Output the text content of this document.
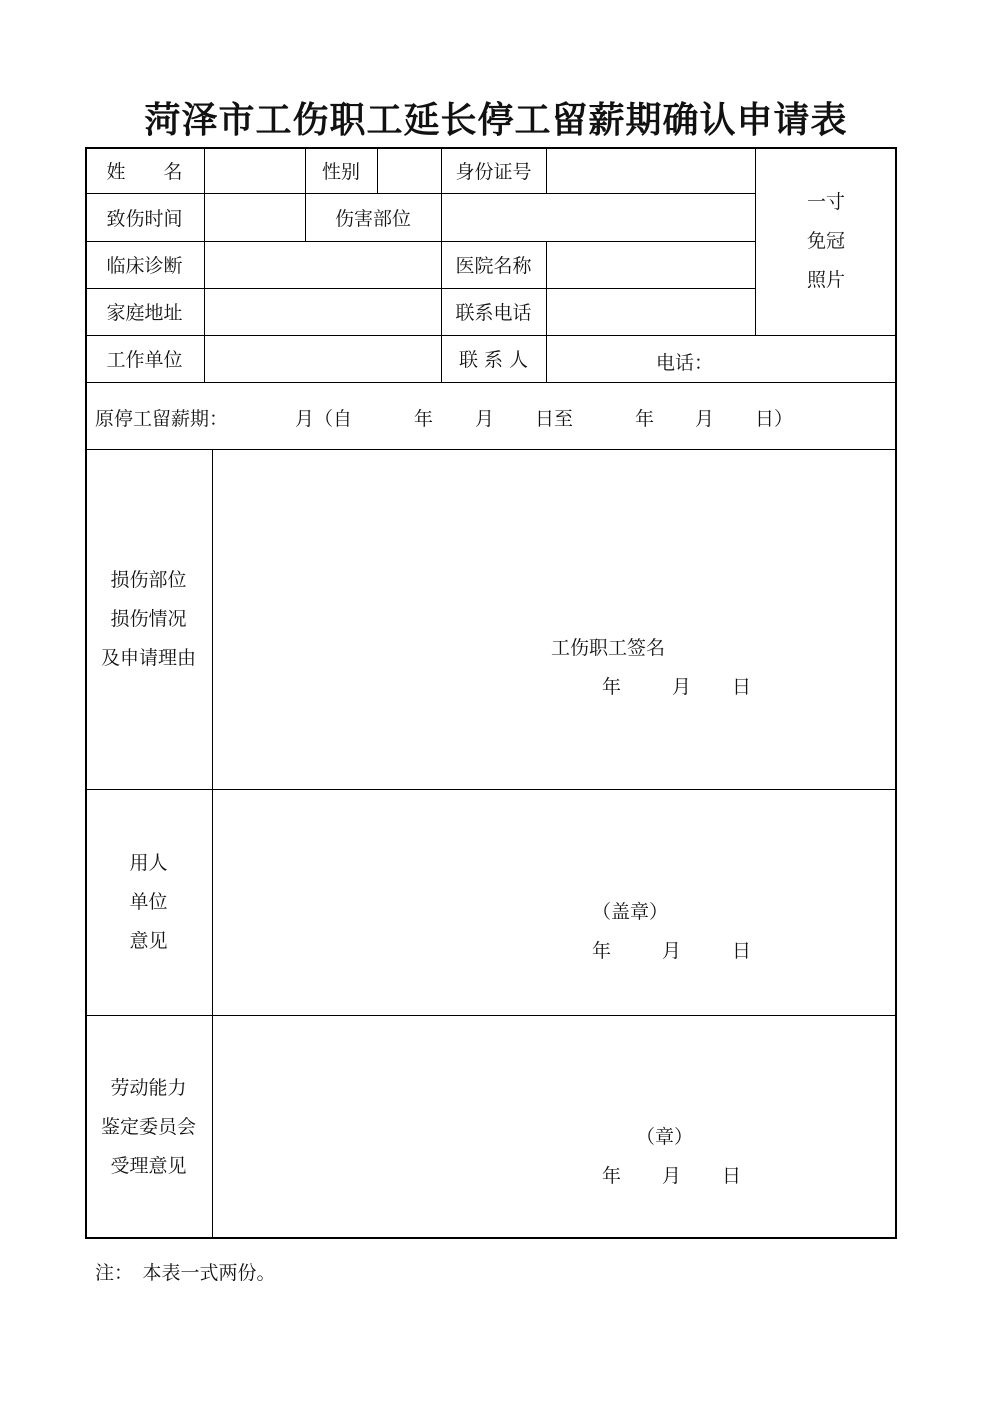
菏泽市工伤职工延长停工留薪期确认申请表
姓　　名	性别	身份证号
一寸
免冠
照片
致伤时间	伤害部位
临床诊断	医院名称
家庭地址	联系电话
工作单位	联 系 人	电话：
原停工留薪期：	月（自	年 月 日至	年 月 日）
损伤部位
损伤情况
及申请理由	工伤职工签名
年	月 日
用人
单位
意见
（盖章）
年	月	日
劳动能力
鉴定委员会
受理意见
（章）
年 月 日
注：　本表一式两份。
